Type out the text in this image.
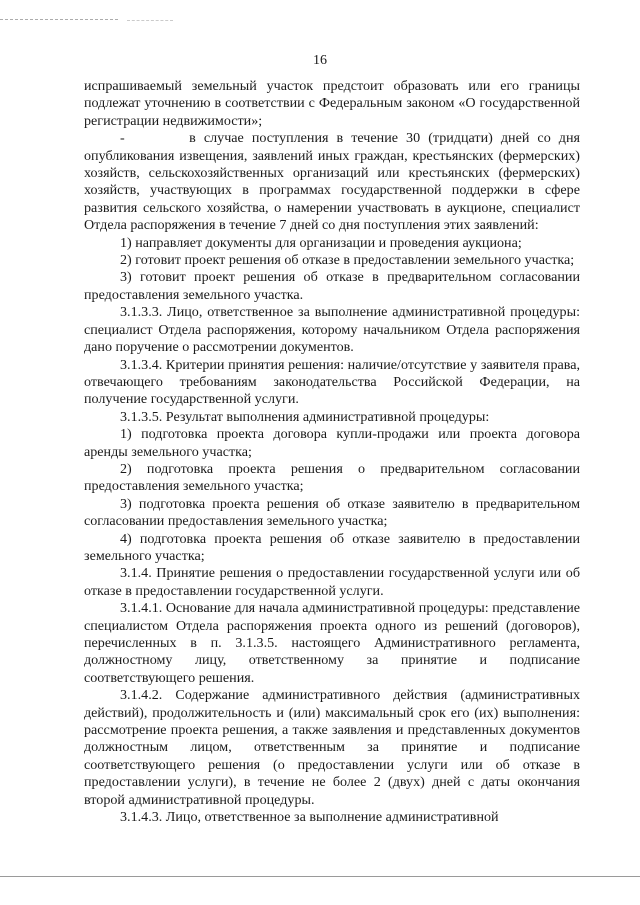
16

испрашиваемый земельный участок предстоит образовать или его границы подлежат уточнению в соответствии с Федеральным законом «О государственной регистрации недвижимости»;

-        в случае поступления в течение 30 (тридцати) дней со дня опубликования извещения, заявлений иных граждан, крестьянских (фермерских) хозяйств, сельскохозяйственных организаций или крестьянских (фермерских) хозяйств, участвующих в программах государственной поддержки в сфере развития сельского хозяйства, о намерении участвовать в аукционе, специалист Отдела распоряжения в течение 7 дней со дня поступления этих заявлений:

1) направляет документы для организации и проведения аукциона;

2) готовит проект решения об отказе в предоставлении земельного участка;

3) готовит проект решения об отказе в предварительном согласовании предоставления земельного участка.

3.1.3.3. Лицо, ответственное за выполнение административной процедуры: специалист Отдела распоряжения, которому начальником Отдела распоряжения дано поручение о рассмотрении документов.

3.1.3.4. Критерии принятия решения: наличие/отсутствие у заявителя права, отвечающего требованиям законодательства Российской Федерации, на получение государственной услуги.

3.1.3.5. Результат выполнения административной процедуры:

1) подготовка проекта договора купли-продажи или проекта договора аренды земельного участка;

2) подготовка проекта решения о предварительном согласовании предоставления земельного участка;

3) подготовка проекта решения об отказе заявителю в предварительном согласовании предоставления земельного участка;

4) подготовка проекта решения об отказе заявителю в предоставлении земельного участка;

3.1.4. Принятие решения о предоставлении государственной услуги или об отказе в предоставлении государственной услуги.

3.1.4.1. Основание для начала административной процедуры: представление специалистом Отдела распоряжения проекта одного из решений (договоров), перечисленных в п. 3.1.3.5. настоящего Административного регламента, должностному лицу, ответственному за принятие и подписание соответствующего решения.

3.1.4.2. Содержание административного действия (административных действий), продолжительность и (или) максимальный срок его (их) выполнения: рассмотрение проекта решения, а также заявления и представленных документов должностным лицом, ответственным за принятие и подписание соответствующего решения (о предоставлении услуги или об отказе в предоставлении услуги), в течение не более 2 (двух) дней с даты окончания второй административной процедуры.

3.1.4.3. Лицо, ответственное за выполнение административной
